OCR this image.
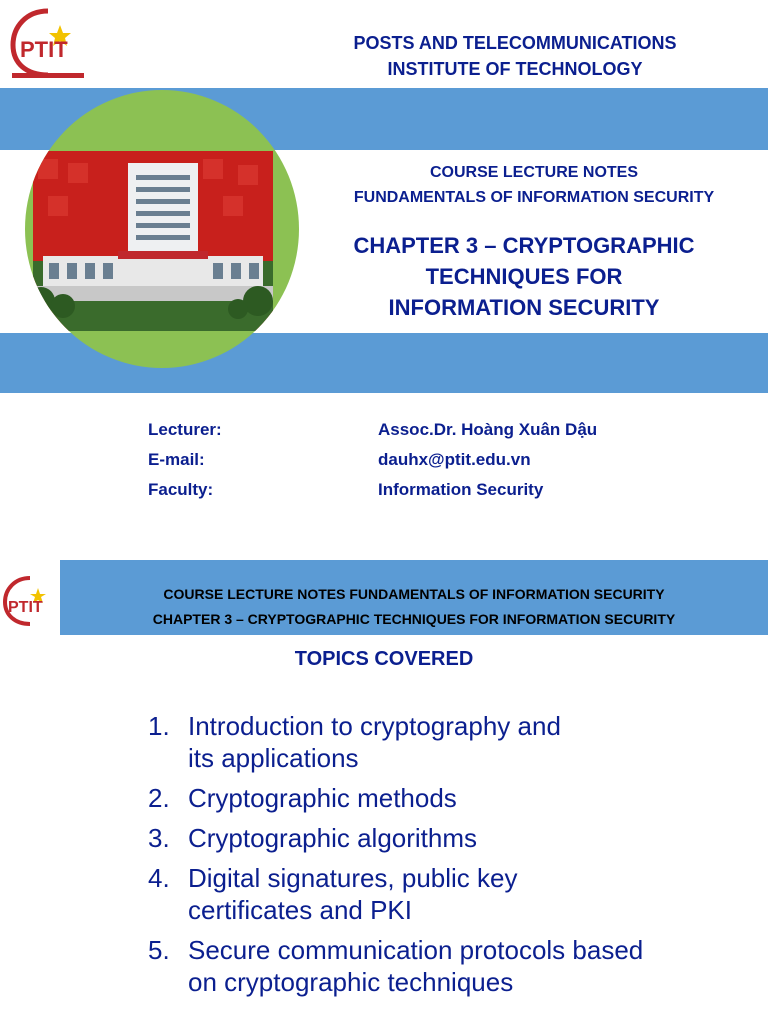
PTIT	POSTS AND TELECOMMUNICATIONS
INSTITUTE OF TECHNOLOGY
COURSE LECTURE NOTES
FUNDAMENTALS OF INFORMATION SECURITY
CHAPTER 3 – CRYPTOGRAPHIC
TECHNIQUES FOR
INFORMATION SECURITY
Lecturer:	Assoc.Dr. Hoàng Xuân Dậu
E-mail:	dauhx@ptit.edu.vn
Faculty:	Information Security
PTIT
COURSE LECTURE NOTES FUNDAMENTALS OF INFORMATION SECURITY
CHAPTER 3 – CRYPTOGRAPHIC TECHNIQUES FOR INFORMATION SECURITY
TOPICS COVERED
1. Introduction to cryptography and
its applications
2. Cryptographic methods
3. Cryptographic algorithms
4. Digital signatures, public key
certificates and PKI
5. Secure communication protocols based
on cryptographic techniques
